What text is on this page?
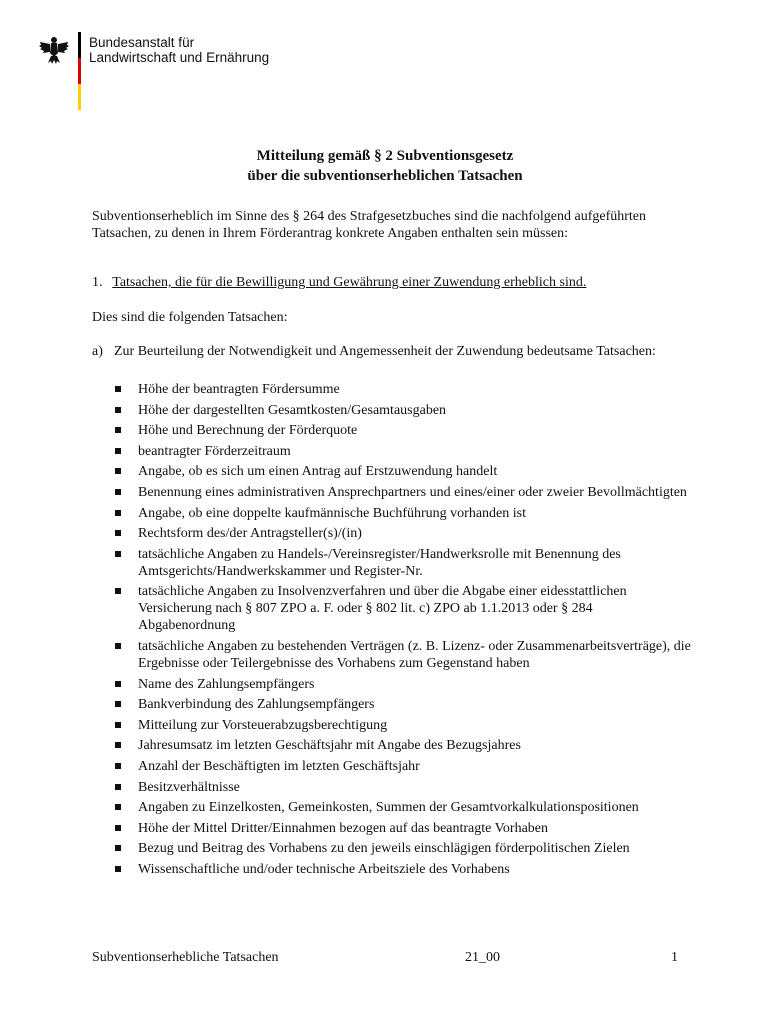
Bundesanstalt für
Landwirtschaft und Ernährung
Mitteilung gemäß § 2 Subventionsgesetz
über die subventionserheblichen Tatsachen
Subventionserheblich im Sinne des § 264 des Strafgesetzbuches sind die nachfolgend aufgeführten Tatsachen, zu denen in Ihrem Förderantrag konkrete Angaben enthalten sein müssen:
1. Tatsachen, die für die Bewilligung und Gewährung einer Zuwendung erheblich sind.
Dies sind die folgenden Tatsachen:
a) Zur Beurteilung der Notwendigkeit und Angemessenheit der Zuwendung bedeutsame Tatsachen:
Höhe der beantragten Fördersumme
Höhe der dargestellten Gesamtkosten/Gesamtausgaben
Höhe und Berechnung der Förderquote
beantragter Förderzeitraum
Angabe, ob es sich um einen Antrag auf Erstzuwendung handelt
Benennung eines administrativen Ansprechpartners und eines/einer oder zweier Bevollmächtigten
Angabe, ob eine doppelte kaufmännische Buchführung vorhanden ist
Rechtsform des/der Antragsteller(s)/(in)
tatsächliche Angaben zu Handels-/Vereinsregister/Handwerksrolle mit Benennung des Amtsgerichts/Handwerkskammer und Register-Nr.
tatsächliche Angaben zu Insolvenzverfahren und über die Abgabe einer eidesstattlichen Versicherung nach § 807 ZPO a. F. oder § 802 lit. c) ZPO ab 1.1.2013 oder § 284 Abgabenordnung
tatsächliche Angaben zu bestehenden Verträgen (z. B. Lizenz- oder Zusammenarbeitsverträge), die Ergebnisse oder Teilergebnisse des Vorhabens zum Gegenstand haben
Name des Zahlungsempfängers
Bankverbindung des Zahlungsempfängers
Mitteilung zur Vorsteuerabzugsberechtigung
Jahresumsatz im letzten Geschäftsjahr mit Angabe des Bezugsjahres
Anzahl der Beschäftigten im letzten Geschäftsjahr
Besitzverhältnisse
Angaben zu Einzelkosten, Gemeinkosten, Summen der Gesamtvorkalkulationspositionen
Höhe der Mittel Dritter/Einnahmen bezogen auf das beantragte Vorhaben
Bezug und Beitrag des Vorhabens zu den jeweils einschlägigen förderpolitischen Zielen
Wissenschaftliche und/oder technische Arbeitsziele des Vorhabens
Subventionserhebliche Tatsachen	21_00	1
